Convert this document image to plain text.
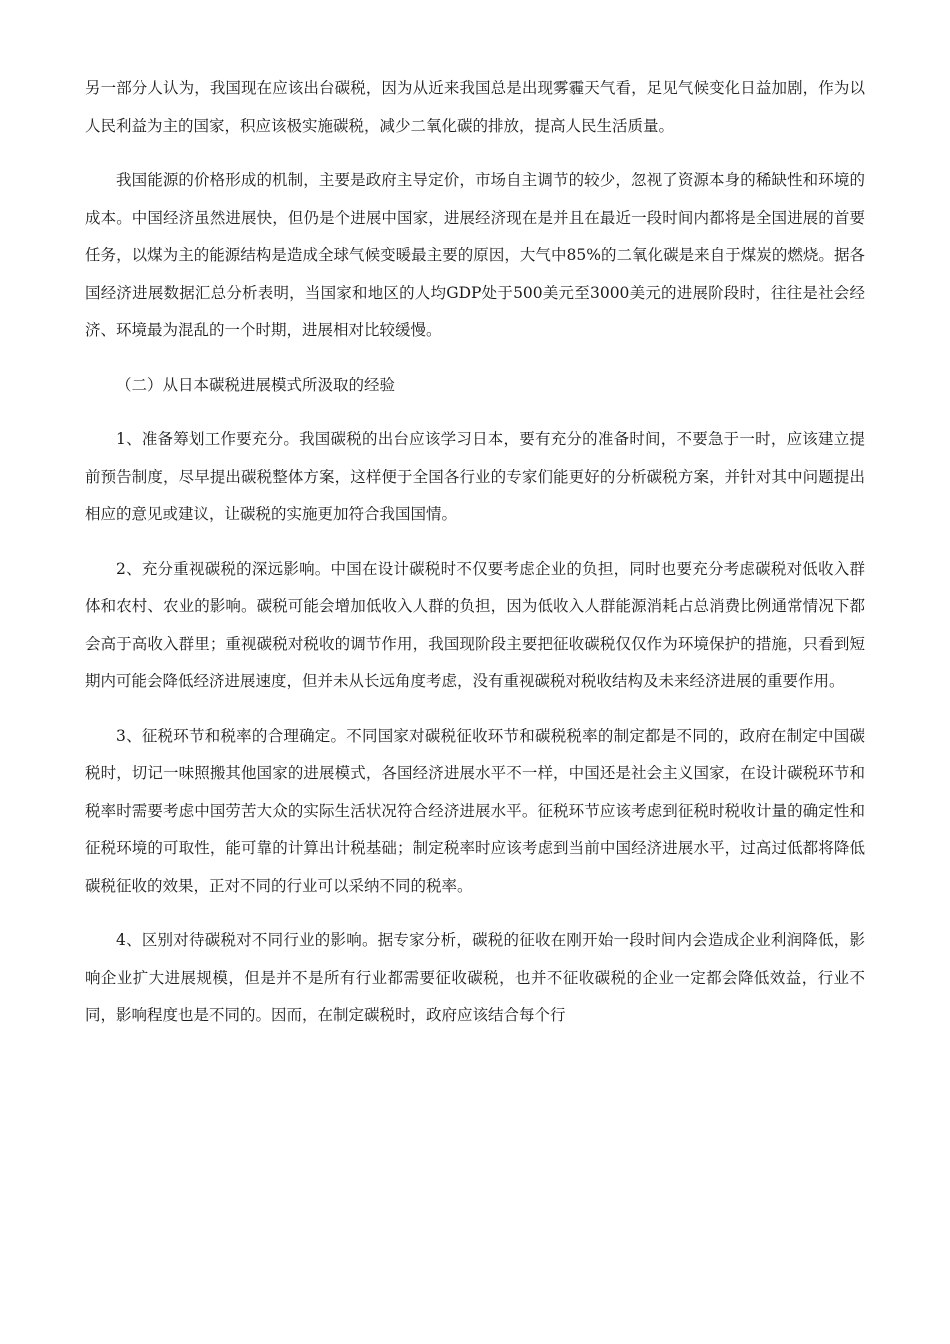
另一部分人认为，我国现在应该出台碳税，因为从近来我国总是出现雾霾天气看，足见气候变化日益加剧，作为以人民利益为主的国家，积应该极实施碳税，减少二氧化碳的排放，提高人民生活质量。

我国能源的价格形成的机制，主要是政府主导定价，市场自主调节的较少，忽视了资源本身的稀缺性和环境的成本。中国经济虽然进展快，但仍是个进展中国家，进展经济现在是并且在最近一段时间内都将是全国进展的首要任务，以煤为主的能源结构是造成全球气候变暖最主要的原因，大气中85%的二氧化碳是来自于煤炭的燃烧。据各国经济进展数据汇总分析表明，当国家和地区的人均GDP处于500美元至3000美元的进展阶段时，往往是社会经济、环境最为混乱的一个时期，进展相对比较缓慢。

（二）从日本碳税进展模式所汲取的经验

1、准备筹划工作要充分。我国碳税的出台应该学习日本，要有充分的准备时间，不要急于一时，应该建立提前预告制度，尽早提出碳税整体方案，这样便于全国各行业的专家们能更好的分析碳税方案，并针对其中问题提出相应的意见或建议，让碳税的实施更加符合我国国情。

2、充分重视碳税的深远影响。中国在设计碳税时不仅要考虑企业的负担，同时也要充分考虑碳税对低收入群体和农村、农业的影响。碳税可能会增加低收入人群的负担，因为低收入人群能源消耗占总消费比例通常情况下都会高于高收入群里；重视碳税对税收的调节作用，我国现阶段主要把征收碳税仅仅作为环境保护的措施，只看到短期内可能会降低经济进展速度，但并未从长远角度考虑，没有重视碳税对税收结构及未来经济进展的重要作用。

3、征税环节和税率的合理确定。不同国家对碳税征收环节和碳税税率的制定都是不同的，政府在制定中国碳税时，切记一味照搬其他国家的进展模式，各国经济进展水平不一样，中国还是社会主义国家，在设计碳税环节和税率时需要考虑中国劳苦大众的实际生活状况符合经济进展水平。征税环节应该考虑到征税时税收计量的确定性和征税环境的可取性，能可靠的计算出计税基础；制定税率时应该考虑到当前中国经济进展水平，过高过低都将降低碳税征收的效果，正对不同的行业可以采纳不同的税率。

4、区别对待碳税对不同行业的影响。据专家分析，碳税的征收在刚开始一段时间内会造成企业利润降低，影响企业扩大进展规模，但是并不是所有行业都需要征收碳税，也并不征收碳税的企业一定都会降低效益，行业不同，影响程度也是不同的。因而，在制定碳税时，政府应该结合每个行
